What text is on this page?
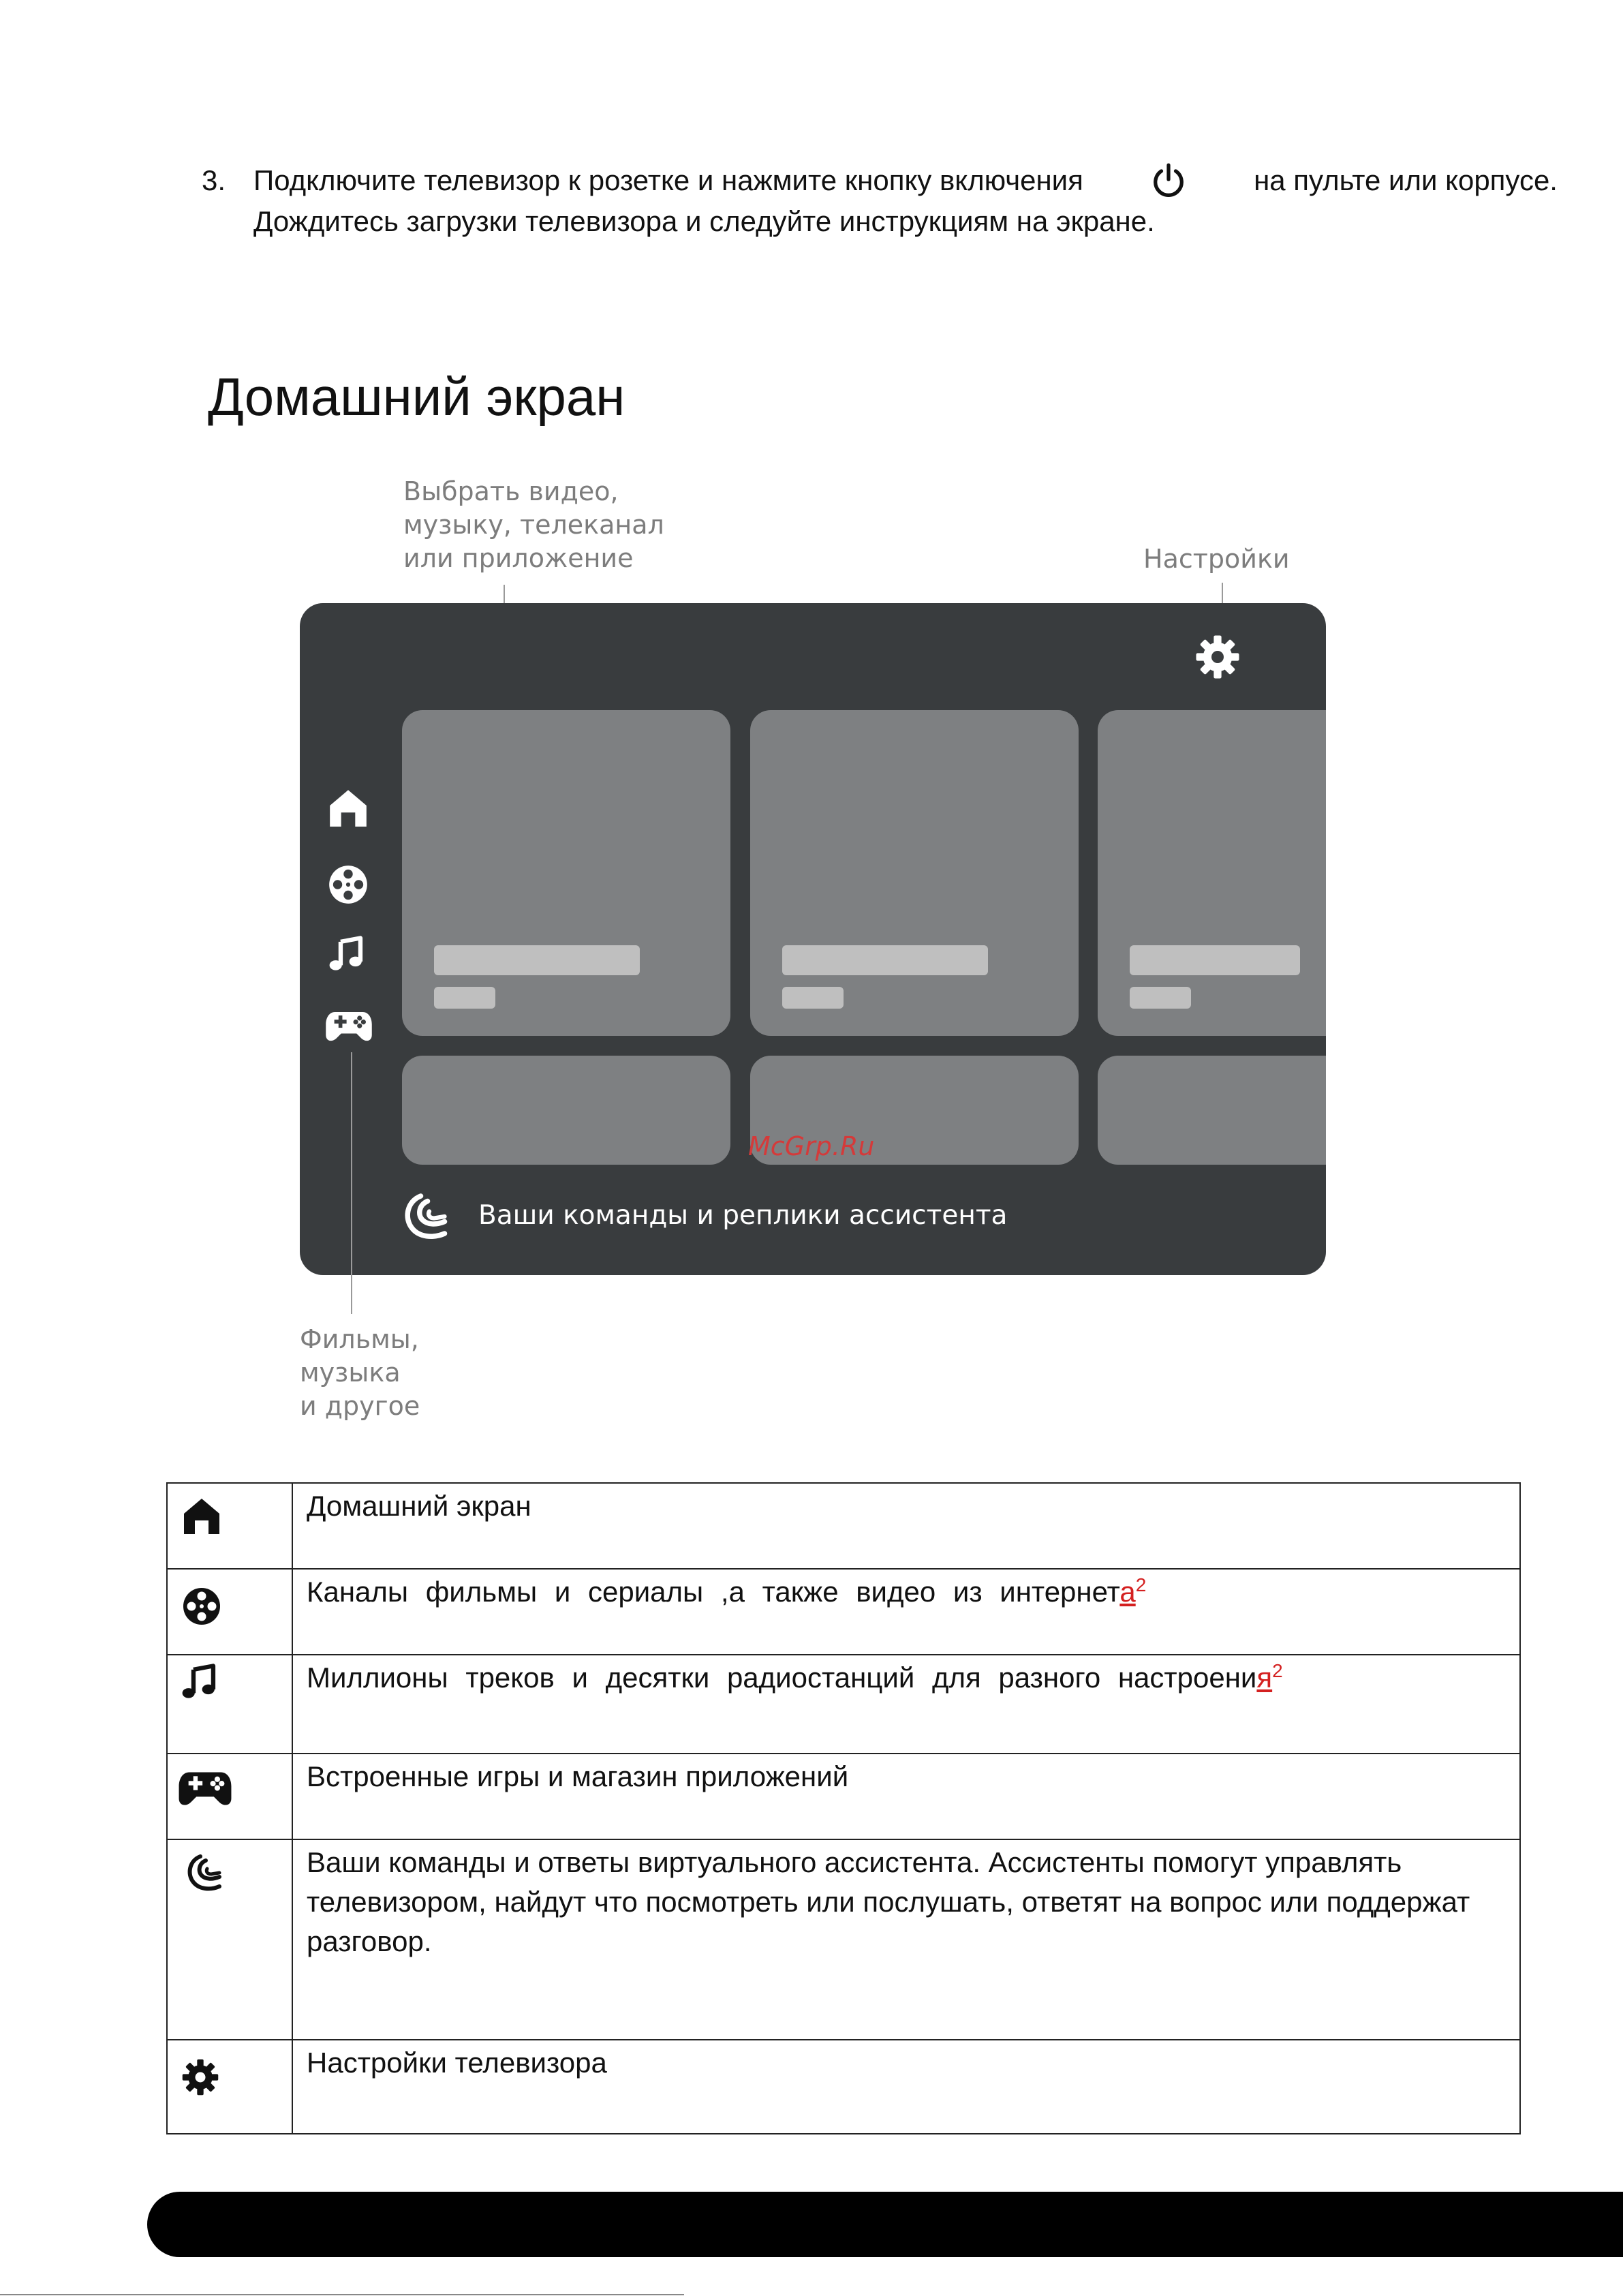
3. Подключите телевизор к розетке и нажмите кнопку включения	на пульте или корпусе.
Дождитесь загрузки телевизора и следуйте инструкциям на экране.
Домашний экран
Выбрать видео,
музыку, телеканал
или приложение	Настройки
Ваши команды и реплики ассистента
Фильмы,
музыка
и другое
McGrp.Ru
	Домашний экран

	Каналы фильмы и сериалы ,а также видео из интернета$^2$

	Миллионы треков и десятки радиостанций для разного настроения$^2$

	Встроенные игры и магазин приложений

	Ваши команды и ответы виртуального ассистента. Ассистенты помогут управлять телевизором, найдут что посмотреть или послушать, ответят на вопрос или поддержат разговор.

	Настройки телевизора
